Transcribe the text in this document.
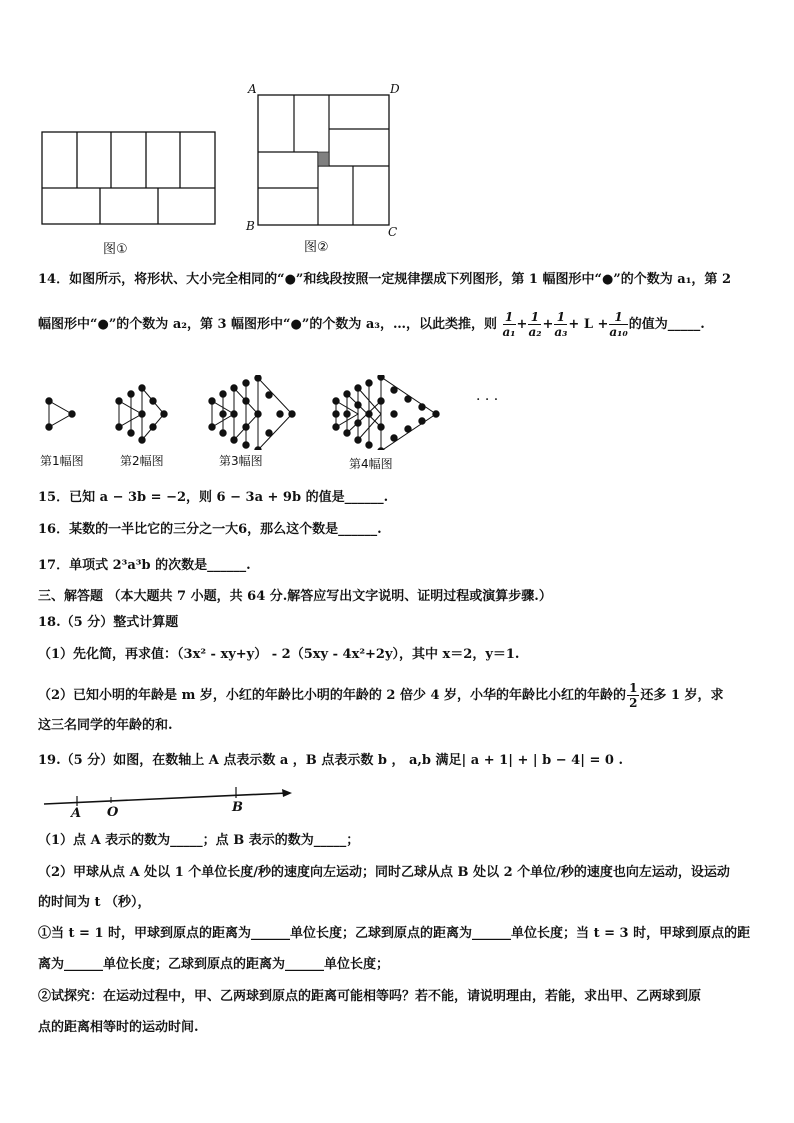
图①
A	D
B	C
图②
14．如图所示，将形状、大小完全相同的“●”和线段按照一定规律摆成下列图形，第 1 幅图形中“●”的个数为 a₁，第 2
幅图形中“●”的个数为 a₂，第 3 幅图形中“●”的个数为 a₃，…，以此类推，则 $\frac{1}{\text{a₁}} + \frac{1}{\text{a₂}} + \frac{1}{\text{a₃}} + L + \frac{1}{\text{a₁₀}}$ 的值为_____.
· · ·
第1幅图	第2幅图	第3幅图	第4幅图
15．已知 a − 3b = −2，则 6 − 3a + 9b 的值是______.
16．某数的一半比它的三分之一大6，那么这个数是______.
17．单项式 2³a³b 的次数是______.
三、解答题 （本大题共 7 小题，共 64 分.解答应写出文字说明、证明过程或演算步骤.）
18.（5 分）整式计算题
（1）先化简，再求值：（3x² - xy+y） - 2（5xy - 4x²+2y），其中 x＝2，y＝1.
（2）已知小明的年龄是 m 岁，小红的年龄比小明的年龄的 2 倍少 4 岁，小华的年龄比小红的年龄的 $\frac{1}{2}$ 还多 1 岁，求
这三名同学的年龄的和.
19.（5 分）如图，在数轴上 A 点表示数 a ，B 点表示数 b ， a,b 满足| a + 1| + | b − 4| = 0 .
A O	B
（1）点 A 表示的数为_____；点 B 表示的数为_____；
（2）甲球从点 A 处以 1 个单位长度/秒的速度向左运动；同时乙球从点 B 处以 2 个单位/秒的速度也向左运动，设运动
的时间为 t （秒），
①当 t = 1 时，甲球到原点的距离为______单位长度；乙球到原点的距离为______单位长度；当 t = 3 时，甲球到原点的距
离为______单位长度；乙球到原点的距离为______单位长度；
②试探究：在运动过程中，甲、乙两球到原点的距离可能相等吗？若不能，请说明理由，若能，求出甲、乙两球到原
点的距离相等时的运动时间.
